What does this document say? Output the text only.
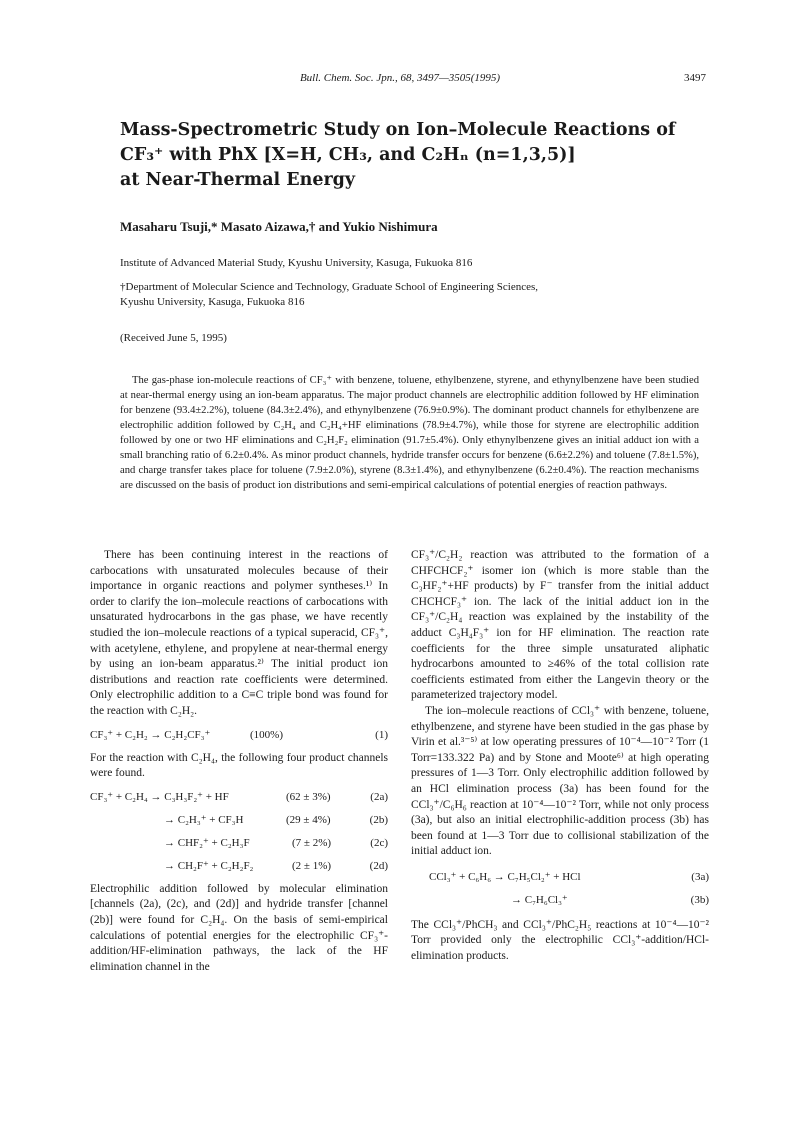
Bull. Chem. Soc. Jpn., 68, 3497—3505(1995)	3497
Mass-Spectrometric Study on Ion–Molecule Reactions of
CF₃⁺ with PhX [X=H, CH₃, and C₂Hₙ (n=1,3,5)]
at Near-Thermal Energy
Masaharu Tsuji,* Masato Aizawa,† and Yukio Nishimura
Institute of Advanced Material Study, Kyushu University, Kasuga, Fukuoka 816
†Department of Molecular Science and Technology, Graduate School of Engineering Sciences,
Kyushu University, Kasuga, Fukuoka 816
(Received June 5, 1995)
The gas-phase ion-molecule reactions of CF₃⁺ with benzene, toluene, ethylbenzene, styrene, and ethynylbenzene have been studied at near-thermal energy using an ion-beam apparatus. The major product channels are electrophilic addition followed by HF elimination for benzene (93.4±2.2%), toluene (84.3±2.4%), and ethynylbenzene (76.9±0.9%). The dominant product channels for ethylbenzene are electrophilic addition followed by C₂H₄ and C₂H₄+HF eliminations (78.9±4.7%), while those for styrene are electrophilic addition followed by one or two HF eliminations and C₂H₂F₂ elimination (91.7±5.4%). Only ethynylbenzene gives an initial adduct ion with a small branching ratio of 6.2±0.4%. As minor product channels, hydride transfer occurs for benzene (6.6±2.2%) and toluene (7.8±1.5%), and charge transfer takes place for toluene (7.9±2.0%), styrene (8.3±1.4%), and ethynylbenzene (6.2±0.4%). The reaction mechanisms are discussed on the basis of product ion distributions and semi-empirical calculations of potential energies of reaction pathways.

There has been continuing interest in the reactions of carbocations with unsaturated molecules because of their importance in organic reactions and polymer syntheses.¹⁾ In order to clarify the ion–molecule reactions of carbocations with unsaturated hydrocarbons in the gas phase, we have recently studied the ion–molecule reactions of a typical superacid, CF₃⁺, with acetylene, ethylene, and propylene at near-thermal energy by using an ion-beam apparatus.²⁾ The initial product ion distributions and reaction rate coefficients were determined. Only electrophilic addition to a C≡C triple bond was found for the reaction with C₂H₂.

CF₃⁺ + C₂H₂ → C₂H₂CF₃⁺	(100%)	(1)

For the reaction with C₂H₄, the following four product channels were found.

CF₃⁺ + C₂H₄ → C₃H₃F₂⁺ + HF	(62 ± 3%)	(2a)
→ C₂H₃⁺ + CF₃H	(29 ± 4%)	(2b)
→ CHF₂⁺ + C₂H₃F	(7 ± 2%)	(2c)
→ CH₂F⁺ + C₂H₂F₂	(2 ± 1%)	(2d)

Electrophilic addition followed by molecular elimination [channels (2a), (2c), and (2d)] and hydride transfer [channel (2b)] were found for C₂H₄. On the basis of semi-empirical calculations of potential energies for the electrophilic CF₃⁺-addition/HF-elimination pathways, the lack of the HF elimination channel in the

CF₃⁺/C₂H₂ reaction was attributed to the formation of a CHFCHCF₂⁺ isomer ion (which is more stable than the C₃HF₂⁺+HF products) by F⁻ transfer from the initial adduct CHCHCF₃⁺ ion. The lack of the initial adduct ion in the CF₃⁺/C₂H₄ reaction was explained by the instability of the adduct C₃H₄F₃⁺ ion for HF elimination. The reaction rate coefficients for the three simple unsaturated aliphatic hydrocarbons amounted to ≥46% of the total collision rate coefficients estimated from either the Langevin theory or the parameterized trajectory model.

The ion–molecule reactions of CCl₃⁺ with benzene, toluene, ethylbenzene, and styrene have been studied in the gas phase by Virin et al.³⁻⁵⁾ at low operating pressures of 10⁻⁴—10⁻² Torr (1 Torr=133.322 Pa) and by Stone and Moote⁶⁾ at high operating pressures of 1—3 Torr. Only electrophilic addition followed by an HCl elimination process (3a) has been found for the CCl₃⁺/C₆H₆ reaction at 10⁻⁴—10⁻² Torr, while not only process (3a), but also an initial electrophilic-addition process (3b) has been found at 1—3 Torr due to collisional stabilization of the initial adduct ion.

CCl₃⁺ + C₆H₆ → C₇H₅Cl₂⁺ + HCl	(3a)
→ C₇H₆Cl₃⁺	(3b)

The CCl₃⁺/PhCH₃ and CCl₃⁺/PhC₂H₅ reactions at 10⁻⁴—10⁻² Torr provided only the electrophilic CCl₃⁺-addition/HCl-elimination products.
